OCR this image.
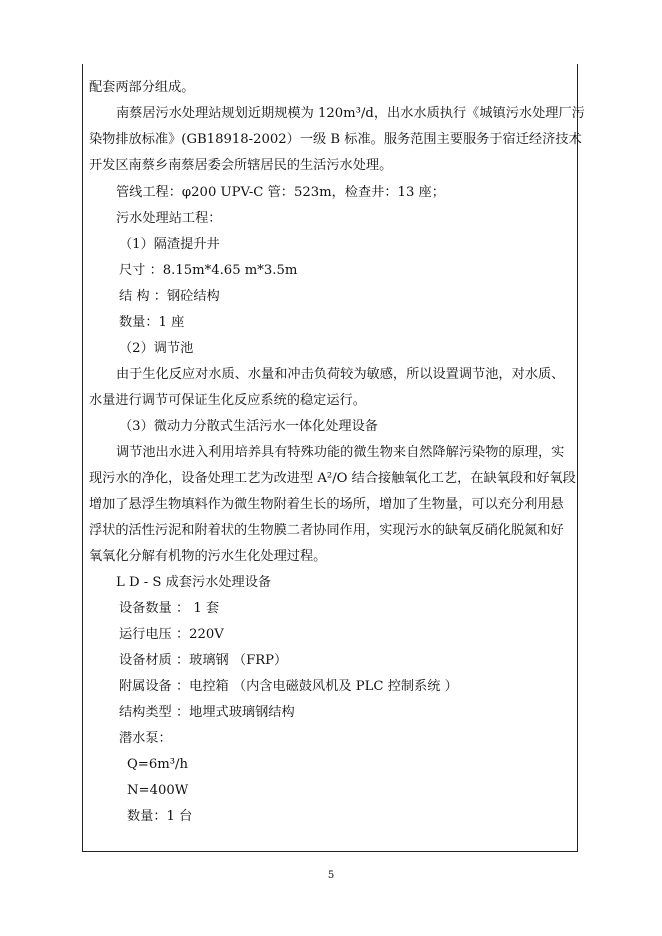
配套两部分组成。
南蔡居污水处理站规划近期规模为 120m³/d，出水水质执行《城镇污水处理厂污
染物排放标准》(GB18918-2002）一级 B 标准。服务范围主要服务于宿迁经济技术
开发区南蔡乡南蔡居委会所辖居民的生活污水处理。
管线工程：φ200 UPV-C 管：523m，检查井：13 座；
污水处理站工程：
（1）隔渣提升井
尺寸 ：8.15m*4.65 m*3.5m
结 构 ：钢砼结构
数量：1 座
（2）调节池
由于生化反应对水质、水量和冲击负荷较为敏感，所以设置调节池，对水质、
水量进行调节可保证生化反应系统的稳定运行。
（3）微动力分散式生活污水一体化处理设备
调节池出水进入利用培养具有特殊功能的微生物来自然降解污染物的原理，实
现污水的净化，设备处理工艺为改进型 A²/O 结合接触氧化工艺，在缺氧段和好氧段
增加了悬浮生物填料作为微生物附着生长的场所，增加了生物量，可以充分利用悬
浮状的活性污泥和附着状的生物膜二者协同作用，实现污水的缺氧反硝化脱氮和好
氧氧化分解有机物的污水生化处理过程。
L D - S 成套污水处理设备
设备数量 ： 1 套
运行电压 ：220V
设备材质 ：玻璃钢 （FRP）
附属设备 ：电控箱 （内含电磁鼓风机及 PLC 控制系统 ）
结构类型 ：地埋式玻璃钢结构
潜水泵：
Q=6m³/h
N=400W
数量：1 台
5
